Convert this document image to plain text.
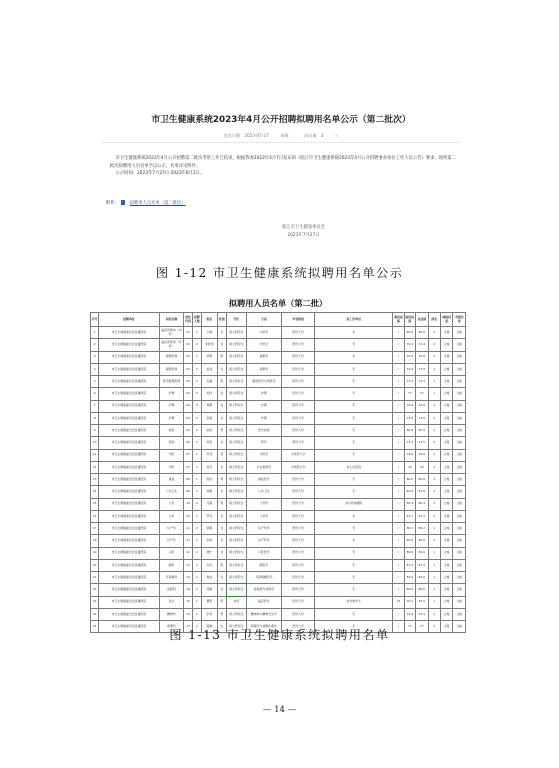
市卫生健康系统2023年4月公开招聘拟聘用名单公示（第二批次）
发布日期：2023-07-27	来源：	访问量：3	☆

市卫生健康系统2023年4月公开招聘第二批次考察工作已结束，根据我委2023年4月7日发布的《临江市卫生健康系统2023年4月公开招聘事业单位工作人员公告》要求，现将第二批次拟聘用人员名单予以公示，名单详见附件。

公示时间：2023年7月27日-2023年8月2日。

附件：	拟聘用人员名单（第二批次）
临江市卫生健康委员会
2023年7月27日
图 1-12 市卫生健康系统拟聘用名单公示
拟聘用人员名单（第二批）
序号	招聘单位	岗位名称	岗位代码	招聘人数	姓名	性别	学历	专业	毕业院校	原工作单位	笔试成绩	面试成绩	总成绩	排名	体检结果	考察结果
1	市卫生健康委员会直属医院	临床医师岗（内科）	01	2	王敏	女	硕士研究生	内科学	医科大学	无	/	80.6	80.6	1	合格	合格
2	市卫生健康委员会直属医院	临床医师岗（外科）	01	2	李欣怡	女	硕士研究生	外科学	医科大学	无	/	72.4	72.4	2	合格	合格
3	市卫生健康委员会直属医院	麻醉医师	02	2	陈明	男	硕士研究生	麻醉学	医科大学	无	/	75.8	75.8	1	合格	合格
4	市卫生健康委员会直属医院	麻醉医师	02	2	赵丽	女	硕士研究生	麻醉学	医科大学	无	/	74.0	74.0	2	合格	合格
5	市卫生健康委员会直属医院	医学影像医师	03	2	张磊	男	硕士研究生	影像医学与核医学	医科大学	无	/	72.4	72.4	1	合格	合格
6	市卫生健康委员会直属医院	护理	04	5	刘洋	女	硕士研究生	护理	医科大学	无	/	77	77	1	合格	合格
7	市卫生健康委员会直属医院	护理	04	5	周静	女	硕士研究生	护理	医科大学	无	/	76.6	76.6	2	合格	合格
8	市卫生健康委员会直属医院	护理	04	5	吴婷	女	硕士研究生	护理	医科大学	无	/	74.8	74.8	3	合格	合格
9	市卫生健康委员会直属医院	检验	05	2	孙浩	男	硕士研究生	医学检验	医科大学	无	/	80.8	80.8	1	合格	合格
10	市卫生健康委员会直属医院	药剂	06	2	郑雪	女	硕士研究生	药学	药科大学	无	/	73.5	73.5	2	合格	合格
11	市卫生健康委员会直属医院	中医	07	1	冯涛	男	硕士研究生	中医学	中医药大学	无	/	79.8	79.8	1	合格	合格
12	市卫生健康委员会直属医院	中医	07	1	何芳	女	硕士研究生	针灸推拿学	中医药大学	市人民医院	/	76	76	1	合格	合格
13	市卫生健康委员会直属医院	康复	08	1	高远	男	硕士研究生	康复医学	医科大学	无	/	80.6	80.6	1	合格	合格
14	市卫生健康委员会直属医院	公共卫生	09	1	林晨	女	硕士研究生	公共卫生	医科大学	无	/	81.8	81.8	1	合格	合格
15	市卫生健康委员会直属医院	儿科	10	2	马超	男	硕士研究生	儿科学	医科大学	市妇幼保健院	/	80.4	80.4	1	合格	合格
16	市卫生健康委员会直属医院	儿科	10	2	罗佳	女	硕士研究生	儿科学	医科大学	无	/	67.2	67.2	2	合格	合格
17	市卫生健康委员会直属医院	妇产科	11	2	梁静	女	硕士研究生	妇产科学	医科大学	无	/	80.2	80.2	1	合格	合格
18	市卫生健康委员会直属医院	妇产科	11	2	宋雨	女	硕士研究生	妇产科学	医科大学	无	/	80.6	80.6	1	合格	合格
19	市卫生健康委员会直属医院	口腔	12	1	唐宁	女	硕士研究生	口腔医学	医科大学	无	/	89.6	89.6	1	合格	合格
20	市卫生健康委员会直属医院	眼科	13	1	许杰	男	硕士研究生	眼科学	医科大学	无	/	87.4	87.4	1	合格	合格
21	市卫生健康委员会直属医院	耳鼻喉科	13	1	韩冰	女	硕士研究生	耳鼻咽喉科学	医科大学	无	/	84.6	84.6	1	合格	合格
22	市卫生健康委员会直属医院	皮肤科	14	1	邓晓	女	硕士研究生	皮肤病与性病学	医科大学	无	/	80.6	80.6	1	合格	合格
23	市卫生健康委员会直属医院	急诊	15	1	曹阳	男	本科	临床医学	医科大学	市急救中心	74	76.2	76.0	1	合格	合格
24	市卫生健康委员会直属医院	精神科	16	1	彭亮	男	硕士研究生	精神病与精神卫生学	医科大学	无	/	72.9	72.9	1	合格	合格
25	市卫生健康委员会直属医院	病理科	17	1	蒋琳	女	硕士研究生	病理学与病理生理学	医科大学	无	/	77	77	1	合格	合格
图 1-13 市卫生健康系统拟聘用名单
— 14 —
